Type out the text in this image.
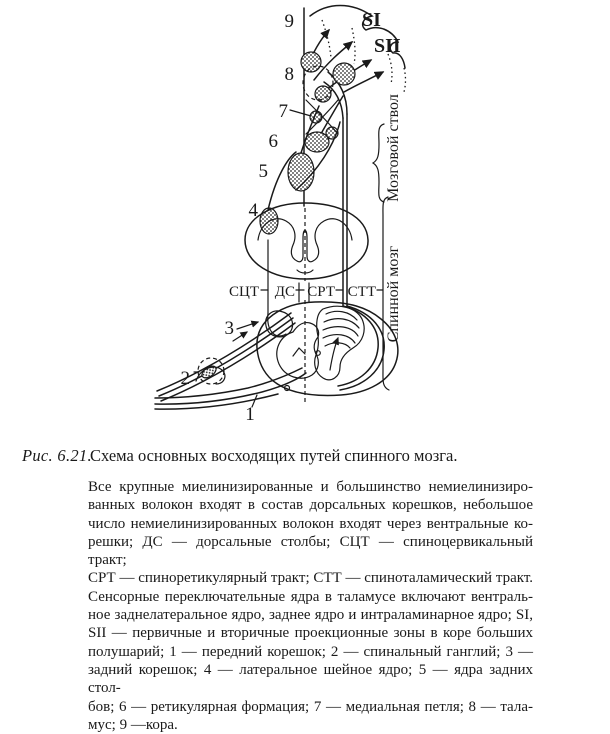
9
8
7
6
5
4
3
2
1
SI
SII
СЦТ ДС СРТ СТТ
Мозговой ствол
Спинной мозг
Рис. 6.21.
Схема основных восходящих путей спинного мозга.
Все крупные миелинизированные и большинство немиелинизиро-
ванных волокон входят в состав дорсальных корешков, небольшое
число немиелинизированных волокон входят через вентральные ко-
решки; ДС — дорсальные столбы; СЦТ — спиноцервикальный тракт;
СРТ — спиноретикулярный тракт; СТТ — спиноталамический тракт.
Сенсорные переключательные ядра в таламусе включают вентраль-
ное заднелатеральное ядро, заднее ядро и интраламинарное ядро; SI,
SII — первичные и вторичные проекционные зоны в коре больших
полушарий; 1 — передний корешок; 2 — спинальный ганглий; 3 —
задний корешок; 4 — латеральное шейное ядро; 5 — ядра задних стол-
бов; 6 — ретикулярная формация; 7 — медиальная петля; 8 — тала-
мус; 9 —кора.
